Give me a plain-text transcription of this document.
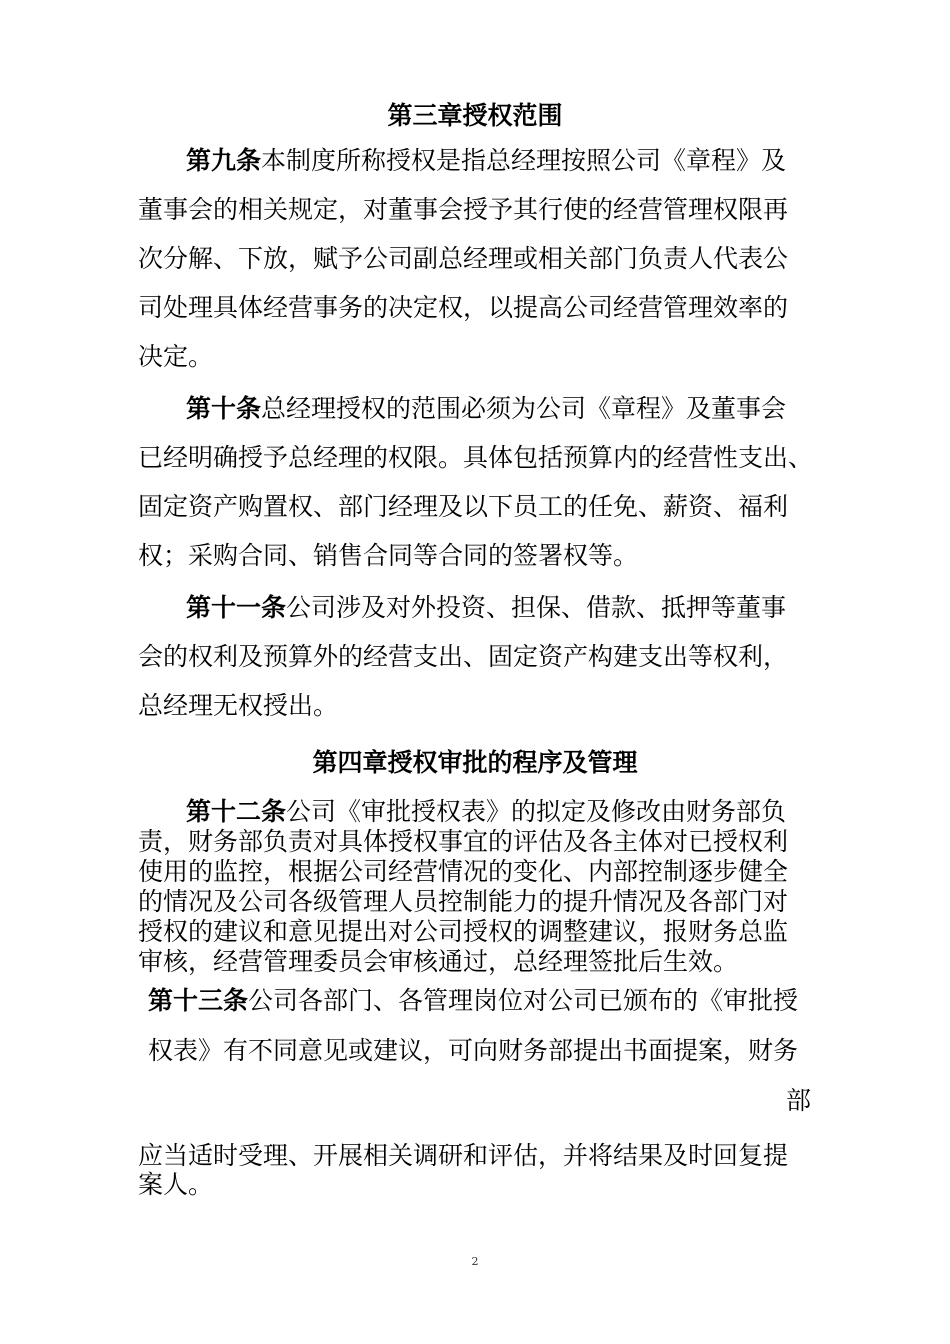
第三章授权范围
第九条本制度所称授权是指总经理按照公司《章程》及
董事会的相关规定，对董事会授予其行使的经营管理权限再
次分解、下放，赋予公司副总经理或相关部门负责人代表公
司处理具体经营事务的决定权，以提高公司经营管理效率的
决定。
第十条总经理授权的范围必须为公司《章程》及董事会
已经明确授予总经理的权限。具体包括预算内的经营性支出、
固定资产购置权、部门经理及以下员工的任免、薪资、福利
权；采购合同、销售合同等合同的签署权等。
第十一条公司涉及对外投资、担保、借款、抵押等董事
会的权利及预算外的经营支出、固定资产构建支出等权利，
总经理无权授出。
第四章授权审批的程序及管理
第十二条公司《审批授权表》的拟定及修改由财务部负
责，财务部负责对具体授权事宜的评估及各主体对已授权利
使用的监控，根据公司经营情况的变化、内部控制逐步健全
的情况及公司各级管理人员控制能力的提升情况及各部门对
授权的建议和意见提出对公司授权的调整建议，报财务总监
审核，经营管理委员会审核通过，总经理签批后生效。
第十三条公司各部门、各管理岗位对公司已颁布的《审批授
权表》有不同意见或建议，可向财务部提出书面提案，财务
部
应当适时受理、开展相关调研和评估，并将结果及时回复提
案人。
2
